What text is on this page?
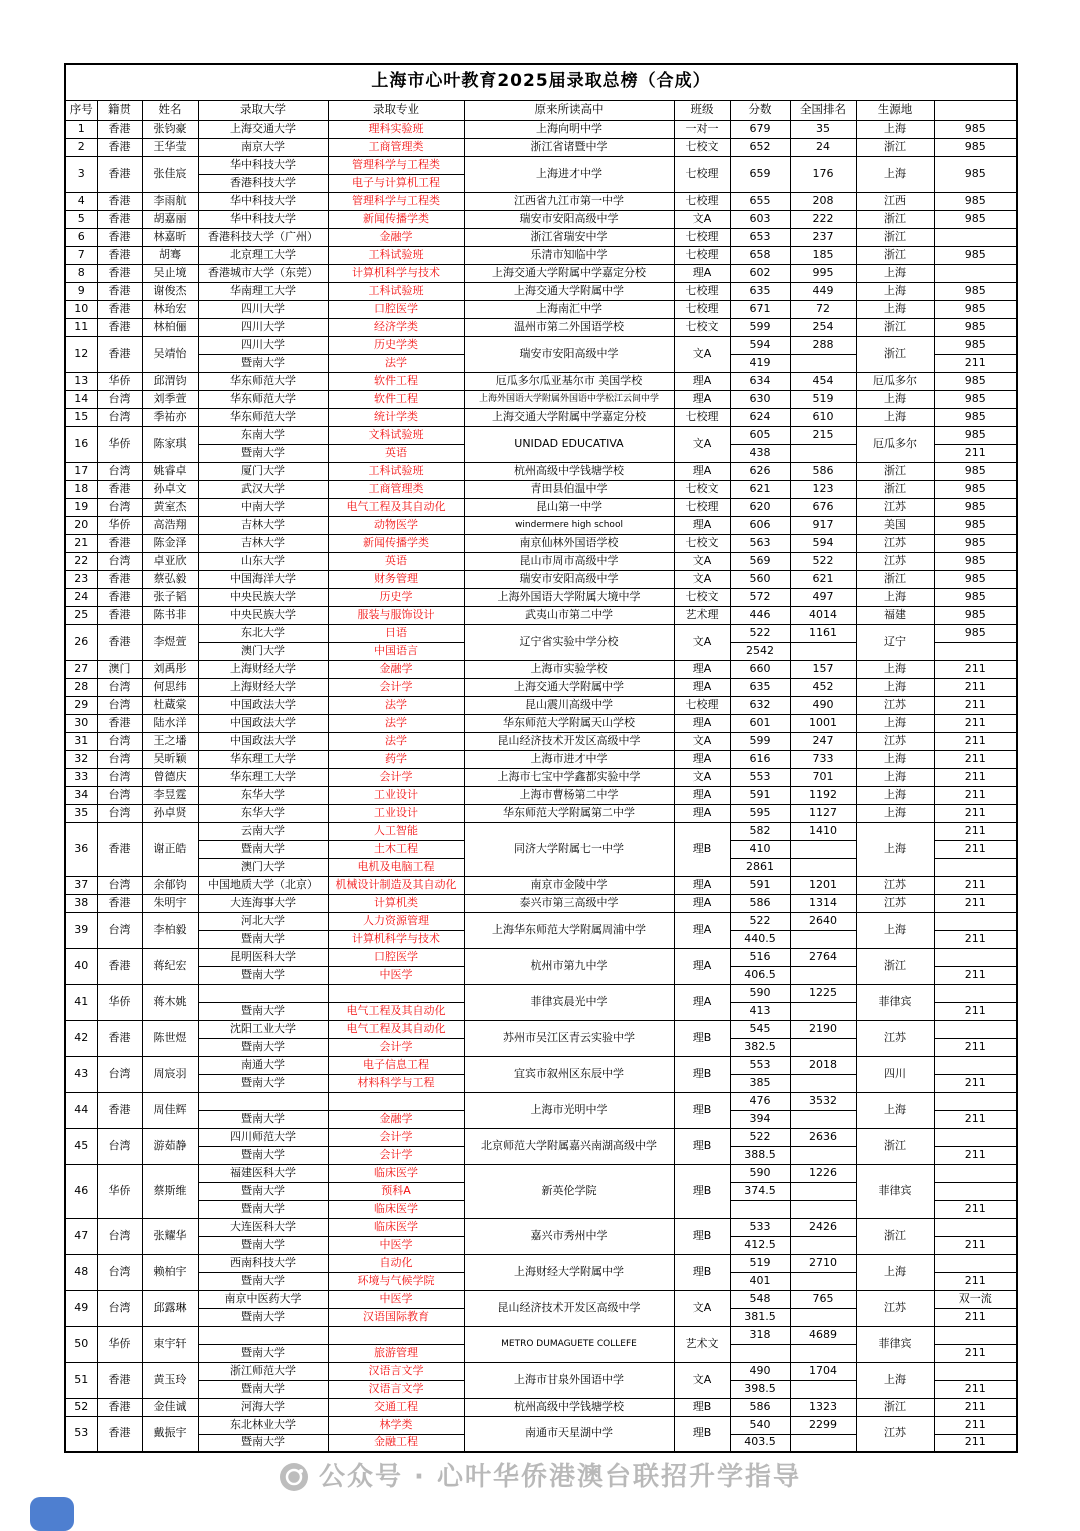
上海市心叶教育2025届录取总榜（合成）										
序号	籍贯	姓名	录取大学	录取专业	原来所读高中	班级	分数	全国排名	生源地	
1	香港	张钧豪	上海交通大学	理科实验班	上海向明中学	一对一	679	35	上海	985
2	香港	王华莹	南京大学	工商管理类	浙江省诸暨中学	七校文	652	24	浙江	985
3	香港	张佳宸	华中科技大学	管理科学与工程类	上海进才中学	七校理	659	176	上海	985
			香港科技大学	电子与计算机工程						
4	香港	李雨航	华中科技大学	管理科学与工程类	江西省九江市第一中学	七校理	655	208	江西	985
5	香港	胡嘉丽	华中科技大学	新闻传播学类	瑞安市安阳高级中学	文A	603	222	浙江	985
6	香港	林嘉昕	香港科技大学（广州）	金融学	浙江省瑞安中学	七校理	653	237	浙江	
7	香港	胡骞	北京理工大学	工科试验班	乐清市知临中学	七校理	658	185	浙江	985
8	香港	吴止境	香港城市大学（东莞）	计算机科学与技术	上海交通大学附属中学嘉定分校	理A	602	995	上海	
9	香港	谢俊杰	华南理工大学	工科试验班	上海交通大学附属中学	七校理	635	449	上海	985
10	香港	林珆宏	四川大学	口腔医学	上海南汇中学	七校理	671	72	上海	985
11	香港	林柏俪	四川大学	经济学类	温州市第二外国语学校	七校文	599	254	浙江	985
12	香港	吴靖怡	四川大学	历史学类	瑞安市安阳高级中学	文A	594	288	浙江	985
			暨南大学	法学			419			211
13	华侨	邱渭钧	华东师范大学	软件工程	厄瓜多尔瓜亚基尔市 美国学校	理A	634	454	厄瓜多尔	985
14	台湾	刘季萱	华东师范大学	软件工程	上海外国语大学附属外国语中学松江云间中学	理A	630	519	上海	985
15	台湾	季祐亦	华东师范大学	统计学类	上海交通大学附属中学嘉定分校	七校理	624	610	上海	985
16	华侨	陈家琪	东南大学	文科试验班	UNIDAD EDUCATIVA	文A	605	215	厄瓜多尔	985
			暨南大学	英语			438			211
17	台湾	姚睿卓	厦门大学	工科试验班	杭州高级中学钱塘学校	理A	626	586	浙江	985
18	香港	孙卓文	武汉大学	工商管理类	青田县伯温中学	七校文	621	123	浙江	985
19	台湾	黄室杰	中南大学	电气工程及其自动化	昆山第一中学	七校理	620	676	江苏	985
20	华侨	高浩翔	吉林大学	动物医学	windermere high school	理A	606	917	美国	985
21	香港	陈金泽	吉林大学	新闻传播学类	南京仙林外国语学校	七校文	563	594	江苏	985
22	台湾	卓亚欣	山东大学	英语	昆山市周市高级中学	文A	569	522	江苏	985
23	香港	蔡弘毅	中国海洋大学	财务管理	瑞安市安阳高级中学	文A	560	621	浙江	985
24	香港	张子韬	中央民族大学	历史学	上海外国语大学附属大境中学	七校文	572	497	上海	985
25	香港	陈书非	中央民族大学	服装与服饰设计	武夷山市第二中学	艺术理	446	4014	福建	985
26	香港	李煜萱	东北大学	日语	辽宁省实验中学分校	文A	522	1161	辽宁	985
			澳门大学	中国语言			2542			
27	澳门	刘禹彤	上海财经大学	金融学	上海市实验学校	理A	660	157	上海	211
28	台湾	何思纬	上海财经大学	会计学	上海交通大学附属中学	理A	635	452	上海	211
29	台湾	杜蔵棠	中国政法大学	法学	昆山震川高级中学	七校理	632	490	江苏	211
30	香港	陆水洋	中国政法大学	法学	华东师范大学附属天山学校	理A	601	1001	上海	211
31	台湾	王之墦	中国政法大学	法学	昆山经济技术开发区高级中学	文A	599	247	江苏	211
32	台湾	吴昕颖	华东理工大学	药学	上海市进才中学	理A	616	733	上海	211
33	台湾	曾德庆	华东理工大学	会计学	上海市七宝中学鑫都实验中学	文A	553	701	上海	211
34	台湾	李昱霆	东华大学	工业设计	上海市曹杨第二中学	理A	591	1192	上海	211
35	台湾	孙卓贤	东华大学	工业设计	华东师范大学附属第二中学	理A	595	1127	上海	211
36	香港	谢正皓	云南大学	人工智能	同济大学附属七一中学	理B	582	1410	上海	211
			暨南大学	土木工程			410			211
			澳门大学	电机及电脑工程			2861			
37	台湾	余郁钧	中国地质大学（北京）	机械设计制造及其自动化	南京市金陵中学	理A	591	1201	江苏	211
38	香港	朱明宇	大连海事大学	计算机类	泰兴市第三高级中学	理A	586	1314	江苏	211
39	台湾	李柏毅	河北大学	人力资源管理	上海华东师范大学附属周浦中学	理A	522	2640	上海	
			暨南大学	计算机科学与技术			440.5			211
40	香港	蒋纪宏	昆明医科大学	口腔医学	杭州市第九中学	理A	516	2764	浙江	
			暨南大学	中医学			406.5			211
41	华侨	蒋木姚			菲律宾晨光中学	理A	590	1225	菲律宾	
			暨南大学	电气工程及其自动化			413			211
42	香港	陈世煜	沈阳工业大学	电气工程及其自动化	苏州市吴江区青云实验中学	理B	545	2190	江苏	
			暨南大学	会计学			382.5			211
43	台湾	周宸羽	南通大学	电子信息工程	宜宾市叙州区东辰中学	理B	553	2018	四川	
			暨南大学	材料科学与工程			385			211
44	香港	周佳辉			上海市光明中学	理B	476	3532	上海	
			暨南大学	金融学			394			211
45	台湾	游茹静	四川师范大学	会计学	北京师范大学附属嘉兴南湖高级中学	理B	522	2636	浙江	
			暨南大学	会计学			388.5			211
46	华侨	蔡斯维	福建医科大学	临床医学	新英伦学院	理B	590	1226	菲律宾	
			暨南大学	预科A			374.5			
			暨南大学	临床医学						211
47	台湾	张耀华	大连医科大学	临床医学	嘉兴市秀州中学	理B	533	2426	浙江	
			暨南大学	中医学			412.5			211
48	台湾	赖柏宇	西南科技大学	自动化	上海财经大学附属中学	理B	519	2710	上海	
			暨南大学	环境与气候学院			401			211
49	台湾	邱露琳	南京中医药大学	中医学	昆山经济技术开发区高级中学	文A	548	765	江苏	双一流
			暨南大学	汉语国际教育			381.5			211
50	华侨	束宇轩			METRO DUMAGUETE COLLEFE	艺术文	318	4689	菲律宾	
			暨南大学	旅游管理						211
51	香港	黄玉玲	浙江师范大学	汉语言文学	上海市甘泉外国语中学	文A	490	1704	上海	
			暨南大学	汉语言文学			398.5			211
52	香港	金佳诚	河海大学	交通工程	杭州高级中学钱塘学校	理B	586	1323	浙江	211
53	香港	戴振宇	东北林业大学	林学类	南通市天星湖中学	理B	540	2299	江苏	211
			暨南大学	金融工程			403.5			211
公众号 · 心叶华侨港澳台联招升学指导
